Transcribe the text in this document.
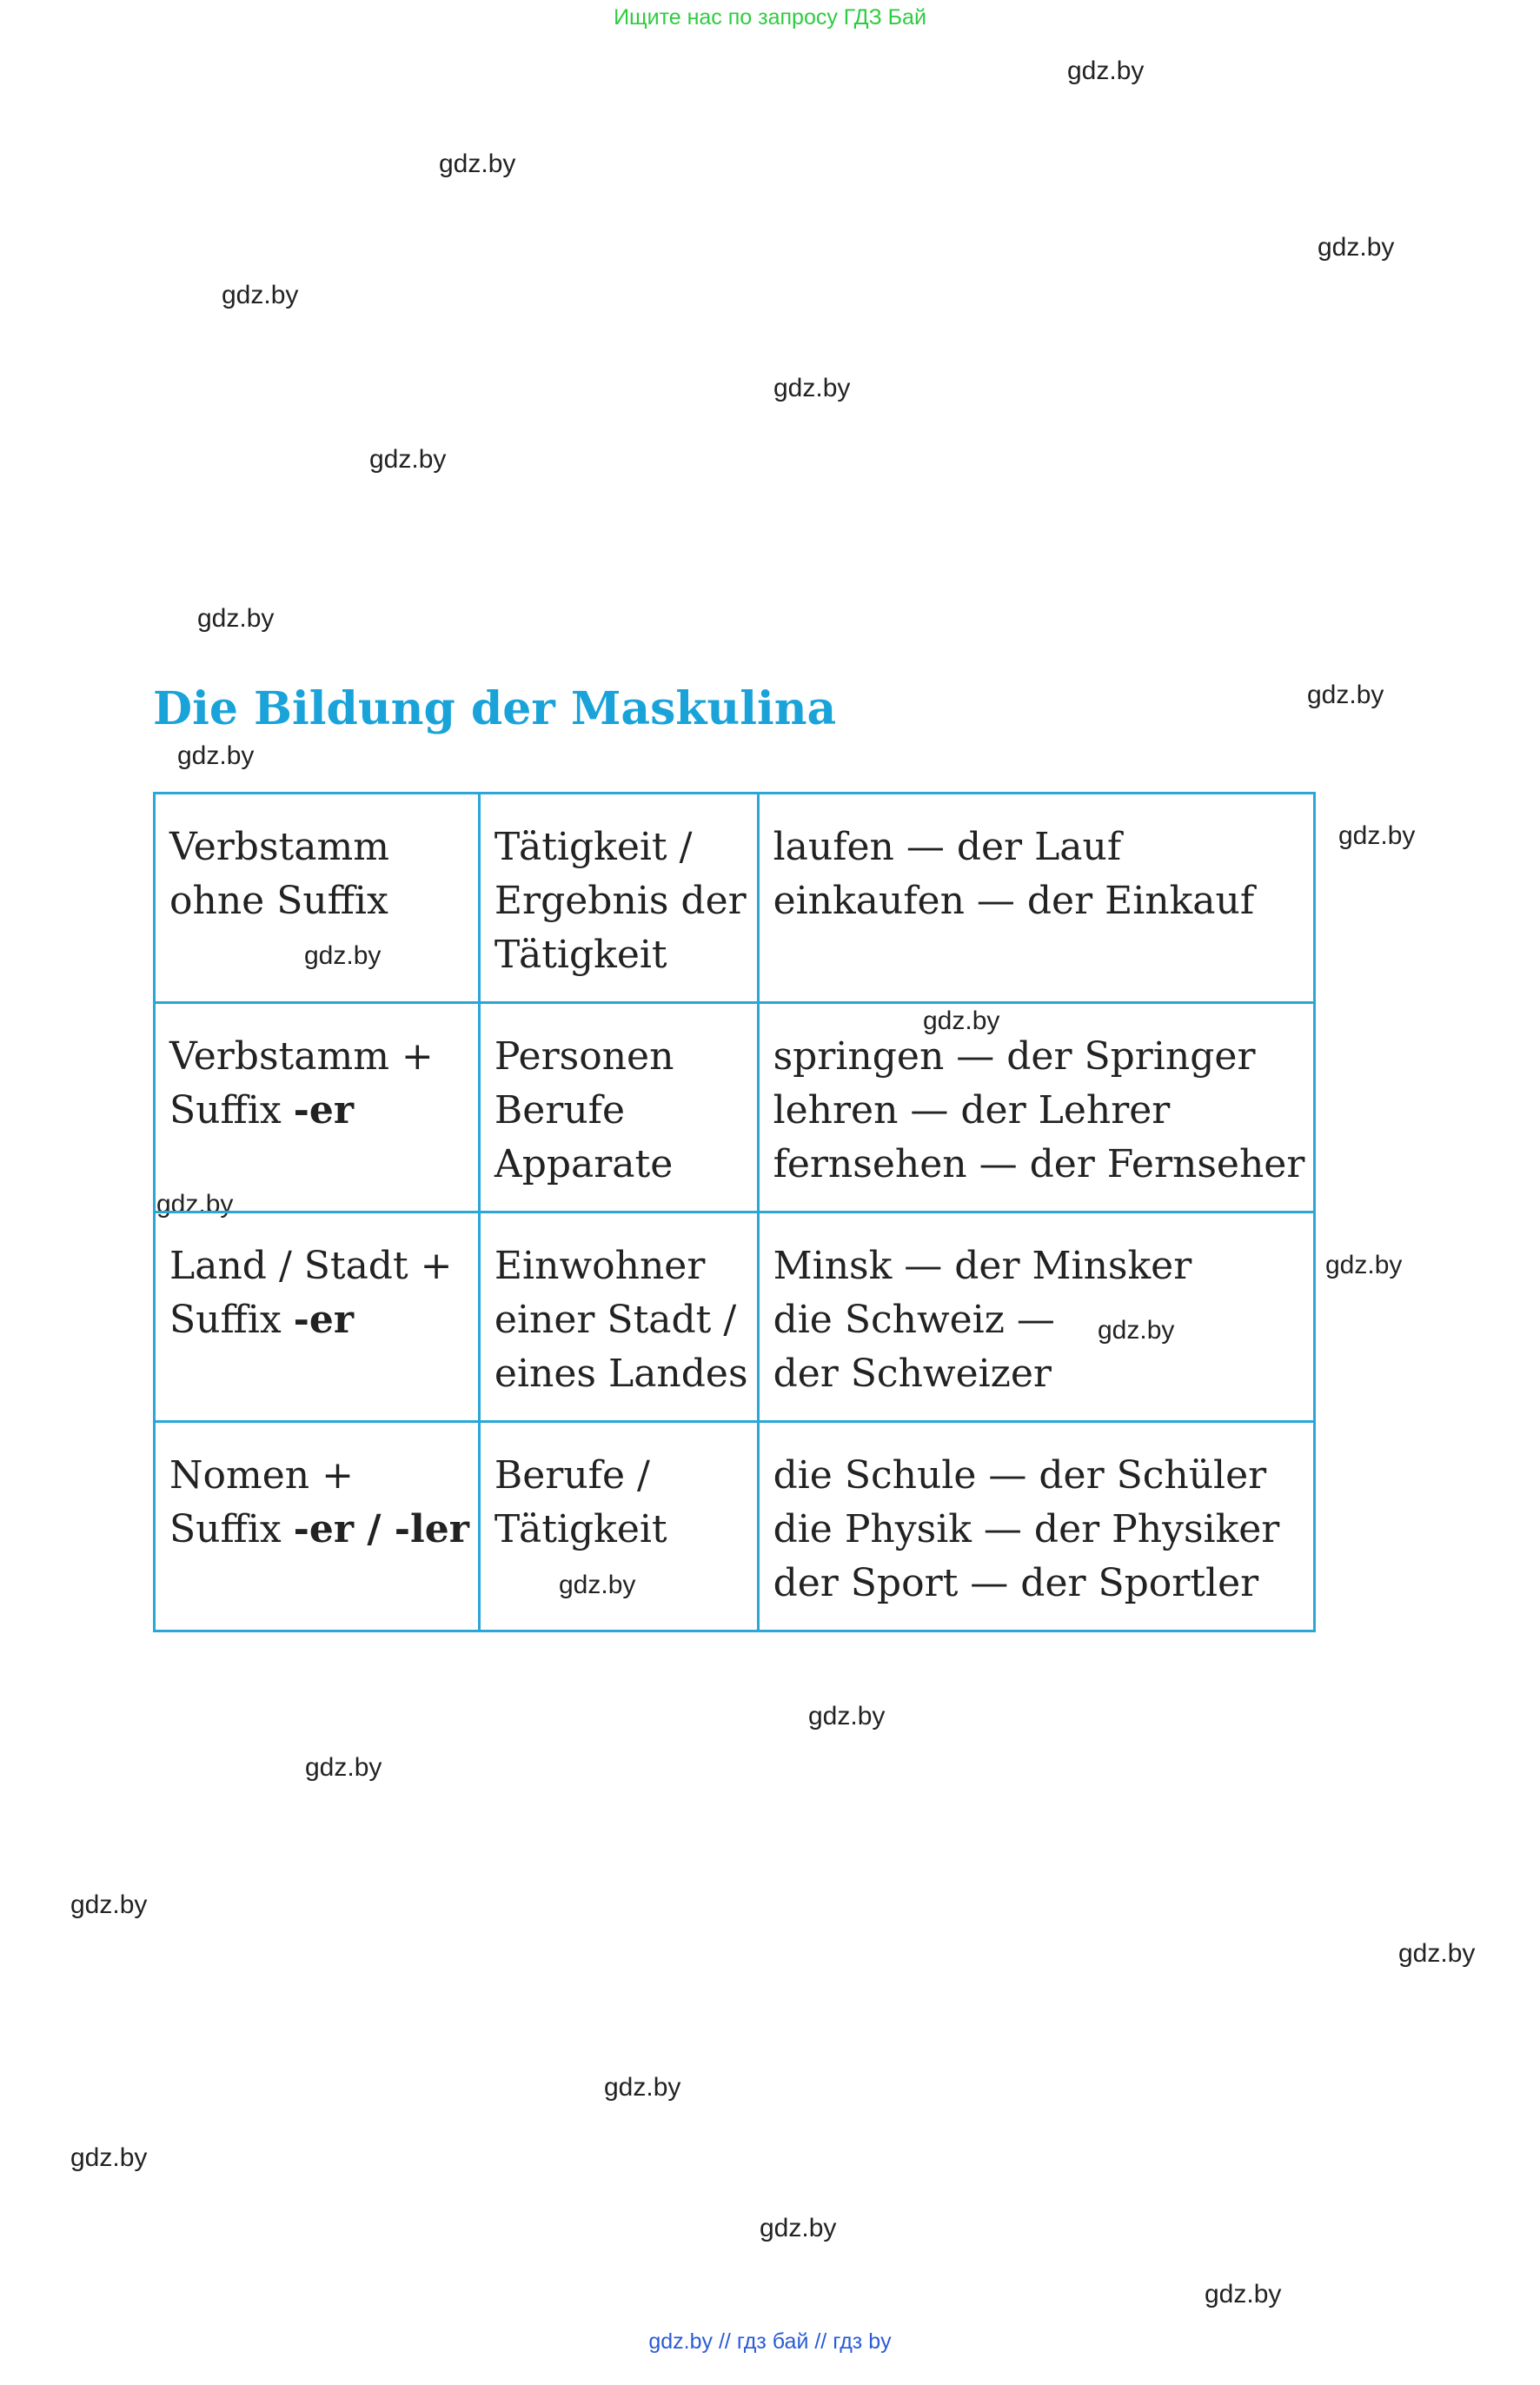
Ищите нас по запросу ГДЗ Бай
gdz.by
gdz.by
gdz.by
gdz.by
gdz.by
gdz.by
gdz.by
gdz.by
gdz.by
gdz.by
gdz.by
gdz.by
gdz.by
gdz.by
gdz.by
gdz.by
gdz.by
gdz.by
gdz.by
gdz.by
gdz.by
gdz.by
gdz.by
gdz.by
Die Bildung der Maskulina
Verbstamm
ohne Suffix	Tätigkeit /
Ergebnis der
Tätigkeit	laufen — der Lauf
einkaufen — der Einkauf

Verbstamm +
Suffix -er	Personen
Berufe
Apparate	springen — der Springer
lehren — der Lehrer
fernsehen — der Fernseher

Land / Stadt +
Suffix -er	Einwohner
einer Stadt /
eines Landes	Minsk — der Minsker
die Schweiz —
der Schweizer

Nomen +
Suffix -er / -ler	Berufe /
Tätigkeit	die Schule — der Schüler
die Physik — der Physiker
der Sport — der Sportler
gdz.by // гдз бай // гдз by
